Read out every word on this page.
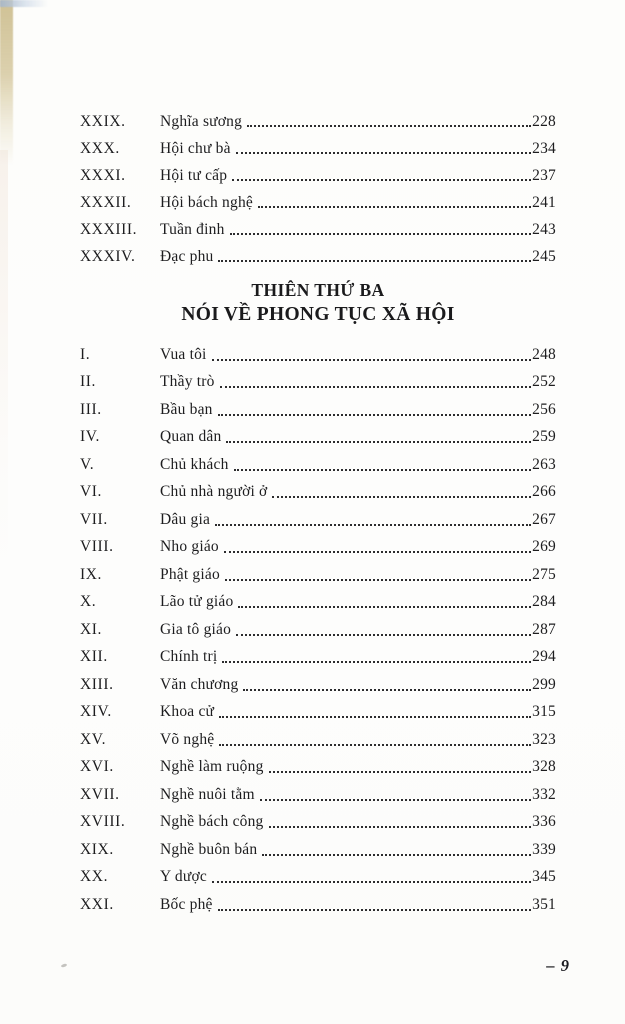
XXIX.	Nghĩa sương	228
XXX.	Hội chư bà	234
XXXI.	Hội tư cấp	237
XXXII.	Hội bách nghệ	241
XXXIII.	Tuần đinh	243
XXXIV.	Đạc phu	245
THIÊN THỨ BA
NÓI VỀ PHONG TỤC XÃ HỘI
I.	Vua tôi	248
II.	Thầy trò	252
III.	Bầu bạn	256
IV.	Quan dân	259
V.	Chủ khách	263
VI.	Chủ nhà người ở	266
VII.	Dâu gia	267
VIII.	Nho giáo	269
IX.	Phật giáo	275
X.	Lão tử giáo	284
XI.	Gia tô giáo	287
XII.	Chính trị	294
XIII.	Văn chương	299
XIV.	Khoa cử	315
XV.	Võ nghệ	323
XVI.	Nghề làm ruộng	328
XVII.	Nghề nuôi tằm	332
XVIII.	Nghề bách công	336
XIX.	Nghề buôn bán	339
XX.	Y dược	345
XXI.	Bốc phệ	351
– 9
